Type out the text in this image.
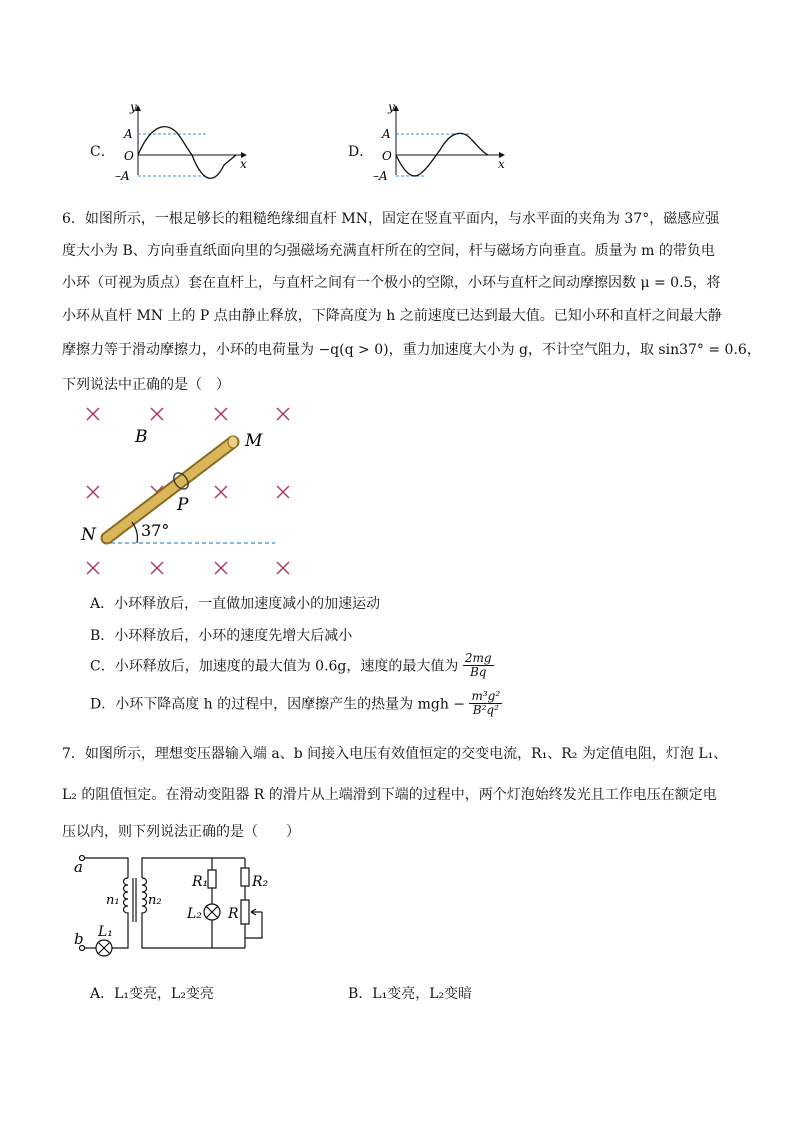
C．
y
x
A
O
–A
D．
y
x
A
O
–A
6．如图所示，一根足够长的粗糙绝缘细直杆 MN，固定在竖直平面内，与水平面的夹角为 37°，磁感应强
度大小为 B、方向垂直纸面向里的匀强磁场充满直杆所在的空间，杆与磁场方向垂直。质量为 m 的带负电
小环（可视为质点）套在直杆上，与直杆之间有一个极小的空隙，小环与直杆之间动摩擦因数 μ = 0.5，将
小环从直杆 MN 上的 P 点由静止释放，下降高度为 h 之前速度已达到最大值。已知小环和直杆之间最大静
摩擦力等于滑动摩擦力，小环的电荷量为 −q(q > 0)，重力加速度大小为 g，不计空气阻力，取 sin37° = 0.6，
下列说法中正确的是（　）
B	M
P
N	37°
A．小环释放后，一直做加速度减小的加速运动
B．小环释放后，小环的速度先增大后减小
C．小环释放后，加速度的最大值为 0.6g，速度的最大值为 $\frac{2mg}{Bq}$
D．小环下降高度 h 的过程中，因摩擦产生的热量为 mgh − $\frac{\text{m³g²}}{\text{B²q²}}$
7．如图所示，理想变压器输入端 a、b 间接入电压有效值恒定的交变电流，R₁、R₂ 为定值电阻，灯泡 L₁、
L₂ 的阻值恒定。在滑动变阻器 R 的滑片从上端滑到下端的过程中，两个灯泡始终发光且工作电压在额定电
压以内，则下列说法正确的是（　　）
a
b
n₁ n₂
L₁
L₂
R₁	R₂
R
A．L₁变亮，L₂变亮	B．L₁变亮，L₂变暗
